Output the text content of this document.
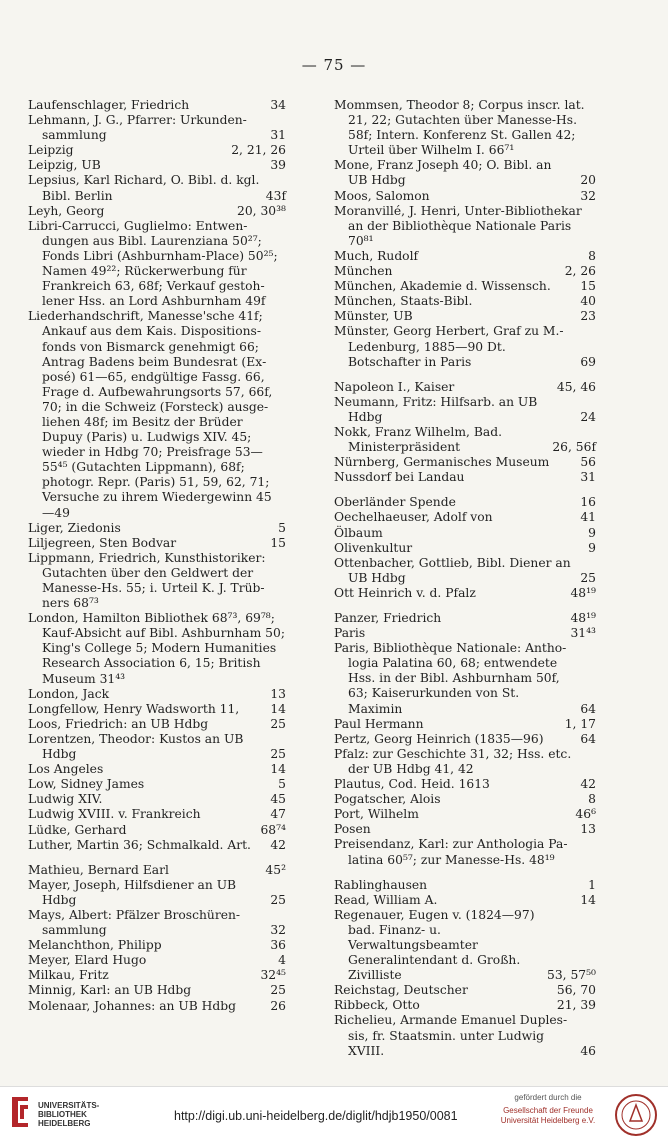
— 75 —
Laufenschlager, Friedrich	34
Lehmann, J. G., Pfarrer: Urkundensammlung	31
Leipzig	2, 21, 26
Leipzig, UB	39
Lepsius, Karl Richard, O. Bibl. d. kgl. Bibl. Berlin	43f
Leyh, Georg	20, 30³⁸
Libri-Carrucci, Guglielmo: Entwendungen aus Bibl. Laurenziana 50²⁷; Fonds Libri (Ashburnham-Place) 50²⁵; Namen 49²²; Rückerwerbung für Frankreich 63, 68f; Verkauf gestohlener Hss. an Lord Ashburnham 49f
Liederhandschrift, Manesse'sche 41f; Ankauf aus dem Kais. Dispositionsfonds von Bismarck genehmigt 66; Antrag Badens beim Bundesrat (Exposé) 61—65, endgültige Fassg. 66, Frage d. Aufbewahrungsorts 57, 66f, 70; in die Schweiz (Forsteck) ausgeliehen 48f; im Besitz der Brüder Dupuy (Paris) u. Ludwigs XIV. 45; wieder in Hdbg 70; Preisfrage 53—55⁴⁵ (Gutachten Lippmann), 68f; photogr. Repr. (Paris) 51, 59, 62, 71; Versuche zu ihrem Wiedergewinn 45 —49
Liger, Ziedonis	5
Liljegreen, Sten Bodvar	15
Lippmann, Friedrich, Kunsthistoriker: Gutachten über den Geldwert der Manesse-Hs. 55; i. Urteil K. J. Trübners 68⁷³
London, Hamilton Bibliothek 68⁷³, 69⁷⁸; Kauf-Absicht auf Bibl. Ashburnham 50; King's College 5; Modern Humanities Research Association 6, 15; British Museum 31⁴³
London, Jack	13
Longfellow, Henry Wadsworth 11,	14
Loos, Friedrich: an UB Hdbg	25
Lorentzen, Theodor: Kustos an UB Hdbg	25
Los Angeles	14
Low, Sidney James	5
Ludwig XIV.	45
Ludwig XVIII. v. Frankreich	47
Lüdke, Gerhard	68⁷⁴
Luther, Martin 36; Schmalkald. Art.	42
Mathieu, Bernard Earl	45²
Mayer, Joseph, Hilfsdiener an UB Hdbg	25
Mays, Albert: Pfälzer Broschürensammlung	32
Melanchthon, Philipp	36
Meyer, Elard Hugo	4
Milkau, Fritz	32⁴⁵
Minnig, Karl: an UB Hdbg	25
Molenaar, Johannes: an UB Hdbg	26
Mommsen, Theodor 8; Corpus inscr. lat. 21, 22; Gutachten über Manesse-Hs. 58f; Intern. Konferenz St. Gallen 42; Urteil über Wilhelm I. 66⁷¹
Mone, Franz Joseph 40; O. Bibl. an UB Hdbg	20
Moos, Salomon	32
Moranvillé, J. Henri, Unter-Bibliothekar an der Bibliothèque Nationale Paris 70⁸¹
Much, Rudolf	8
München	2, 26
München, Akademie d. Wissensch.	15
München, Staats-Bibl.	40
Münster, UB	23
Münster, Georg Herbert, Graf zu M.-Ledenburg, 1885—90 Dt. Botschafter in Paris	69
Napoleon I., Kaiser	45, 46
Neumann, Fritz: Hilfsarb. an UB Hdbg	24
Nokk, Franz Wilhelm, Bad. Ministerpräsident	26, 56f
Nürnberg, Germanisches Museum	56
Nussdorf bei Landau	31
Oberländer Spende	16
Oechelhaeuser, Adolf von	41
Ölbaum	9
Olivenkultur	9
Ottenbacher, Gottlieb, Bibl. Diener an UB Hdbg	25
Ott Heinrich v. d. Pfalz	48¹⁹
Panzer, Friedrich	48¹⁹
Paris	31⁴³
Paris, Bibliothèque Nationale: Anthologia Palatina 60, 68; entwendete Hss. in der Bibl. Ashburnham 50f, 63; Kaiserurkunden von St. Maximin	64
Paul Hermann	1, 17
Pertz, Georg Heinrich (1835—96)	64
Pfalz: zur Geschichte 31, 32; Hss. etc. der UB Hdbg 41, 42
Plautus, Cod. Heid. 1613	42
Pogatscher, Alois	8
Port, Wilhelm	46⁶
Posen	13
Preisendanz, Karl: zur Anthologia Palatina 60⁵⁷; zur Manesse-Hs. 48¹⁹
Rablinghausen	1
Read, William A.	14
Regenauer, Eugen v. (1824—97) bad. Finanz- u. Verwaltungsbeamter Generalintendant d. Großh. Zivilliste	53, 57⁵⁰
Reichstag, Deutscher	56, 70
Ribbeck, Otto	21, 39
Richelieu, Armande Emanuel Duplessis, fr. Staatsmin. unter Ludwig XVIII.	46
UNIVERSITÄTS-
BIBLIOTHEK
HEIDELBERG
http://digi.ub.uni-heidelberg.de/diglit/hdjb1950/0081
gefördert durch die
Gesellschaft der Freunde
Universität Heidelberg e.V.
